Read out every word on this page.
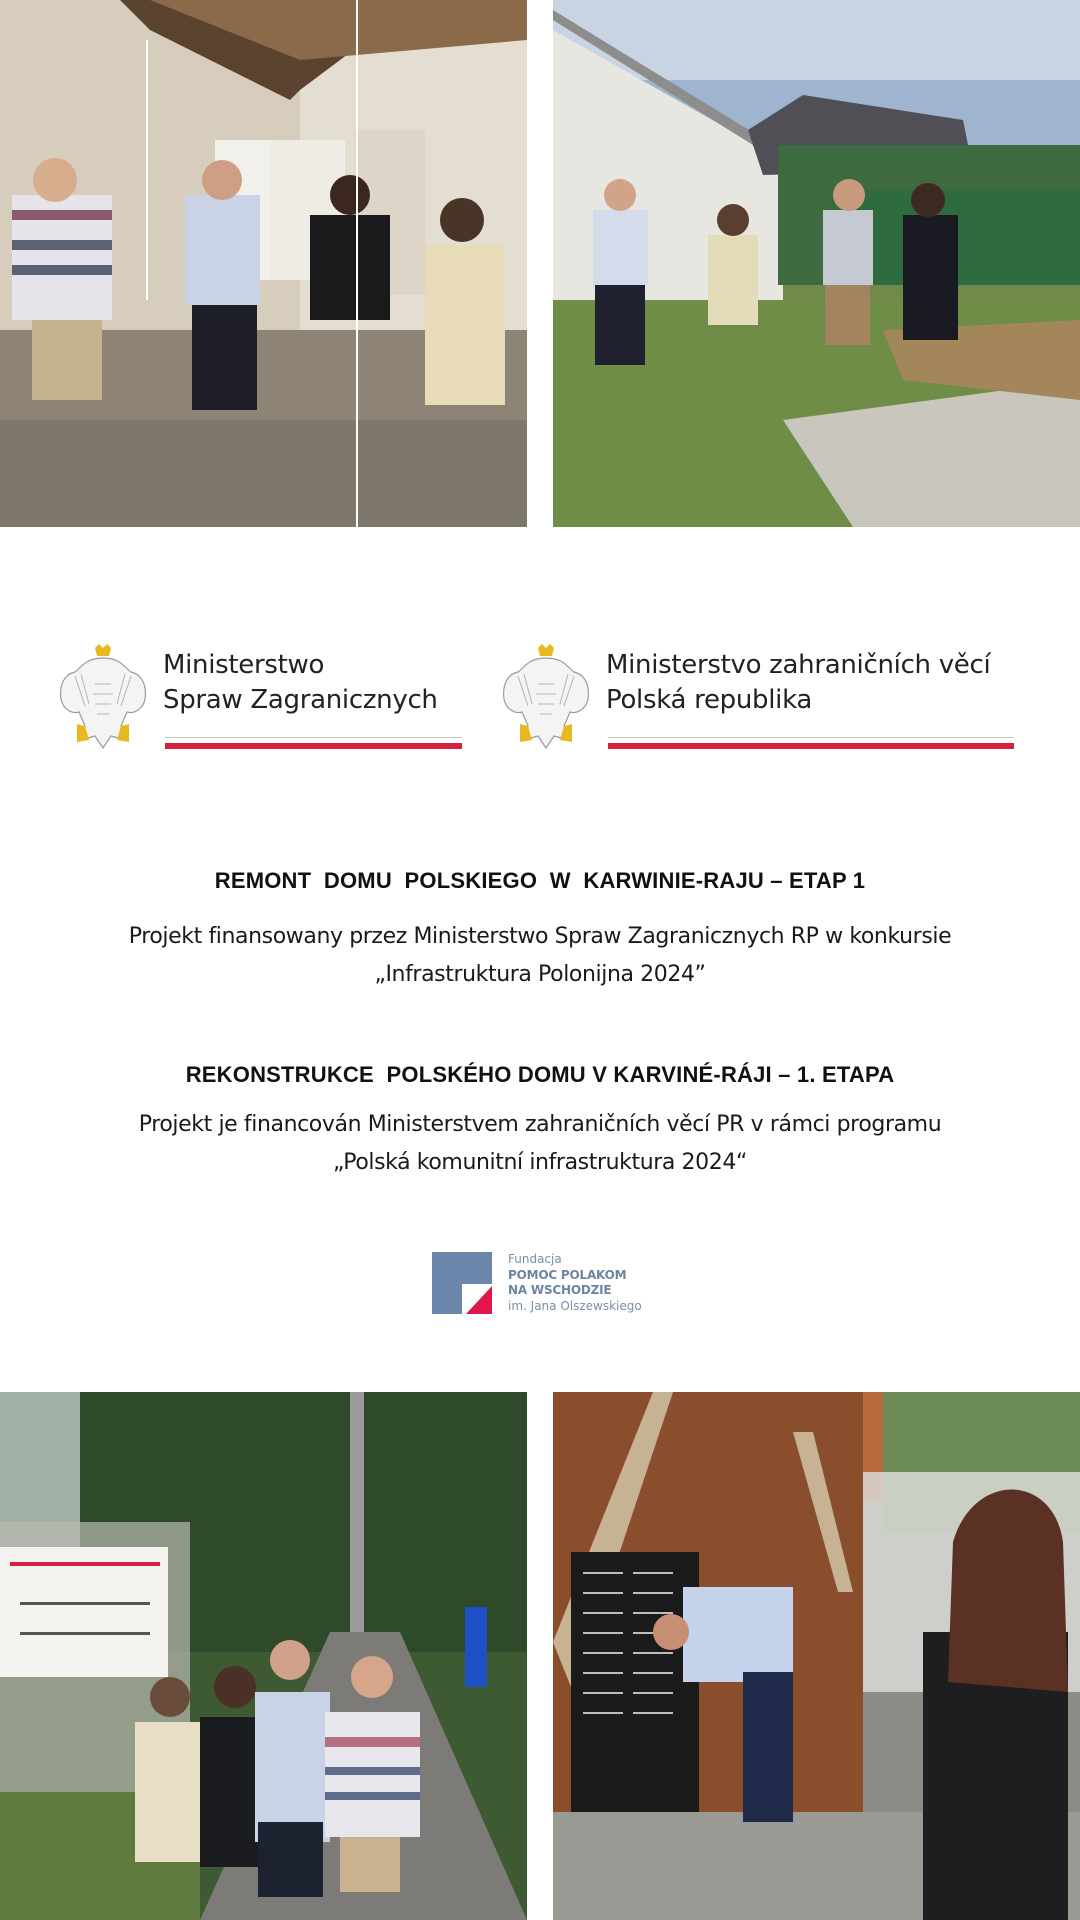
Ministerstwo
Spraw Zagranicznych
Ministerstvo zahraničních věcí
Polská republika
REMONT  DOMU  POLSKIEGO  W  KARWINIE-RAJU – ETAP 1
Projekt finansowany przez Ministerstwo Spraw Zagranicznych RP w konkursie
„Infrastruktura Polonijna 2024”
REKONSTRUKCE  POLSKÉHO DOMU V KARVINÉ-RÁJI – 1. ETAPA
Projekt je financován Ministerstvem zahraničních věcí PR v rámci programu
„Polská komunitní infrastruktura 2024“
Fundacja
POMOC POLAKOM
NA WSCHODZIE
im. Jana Olszewskiego
